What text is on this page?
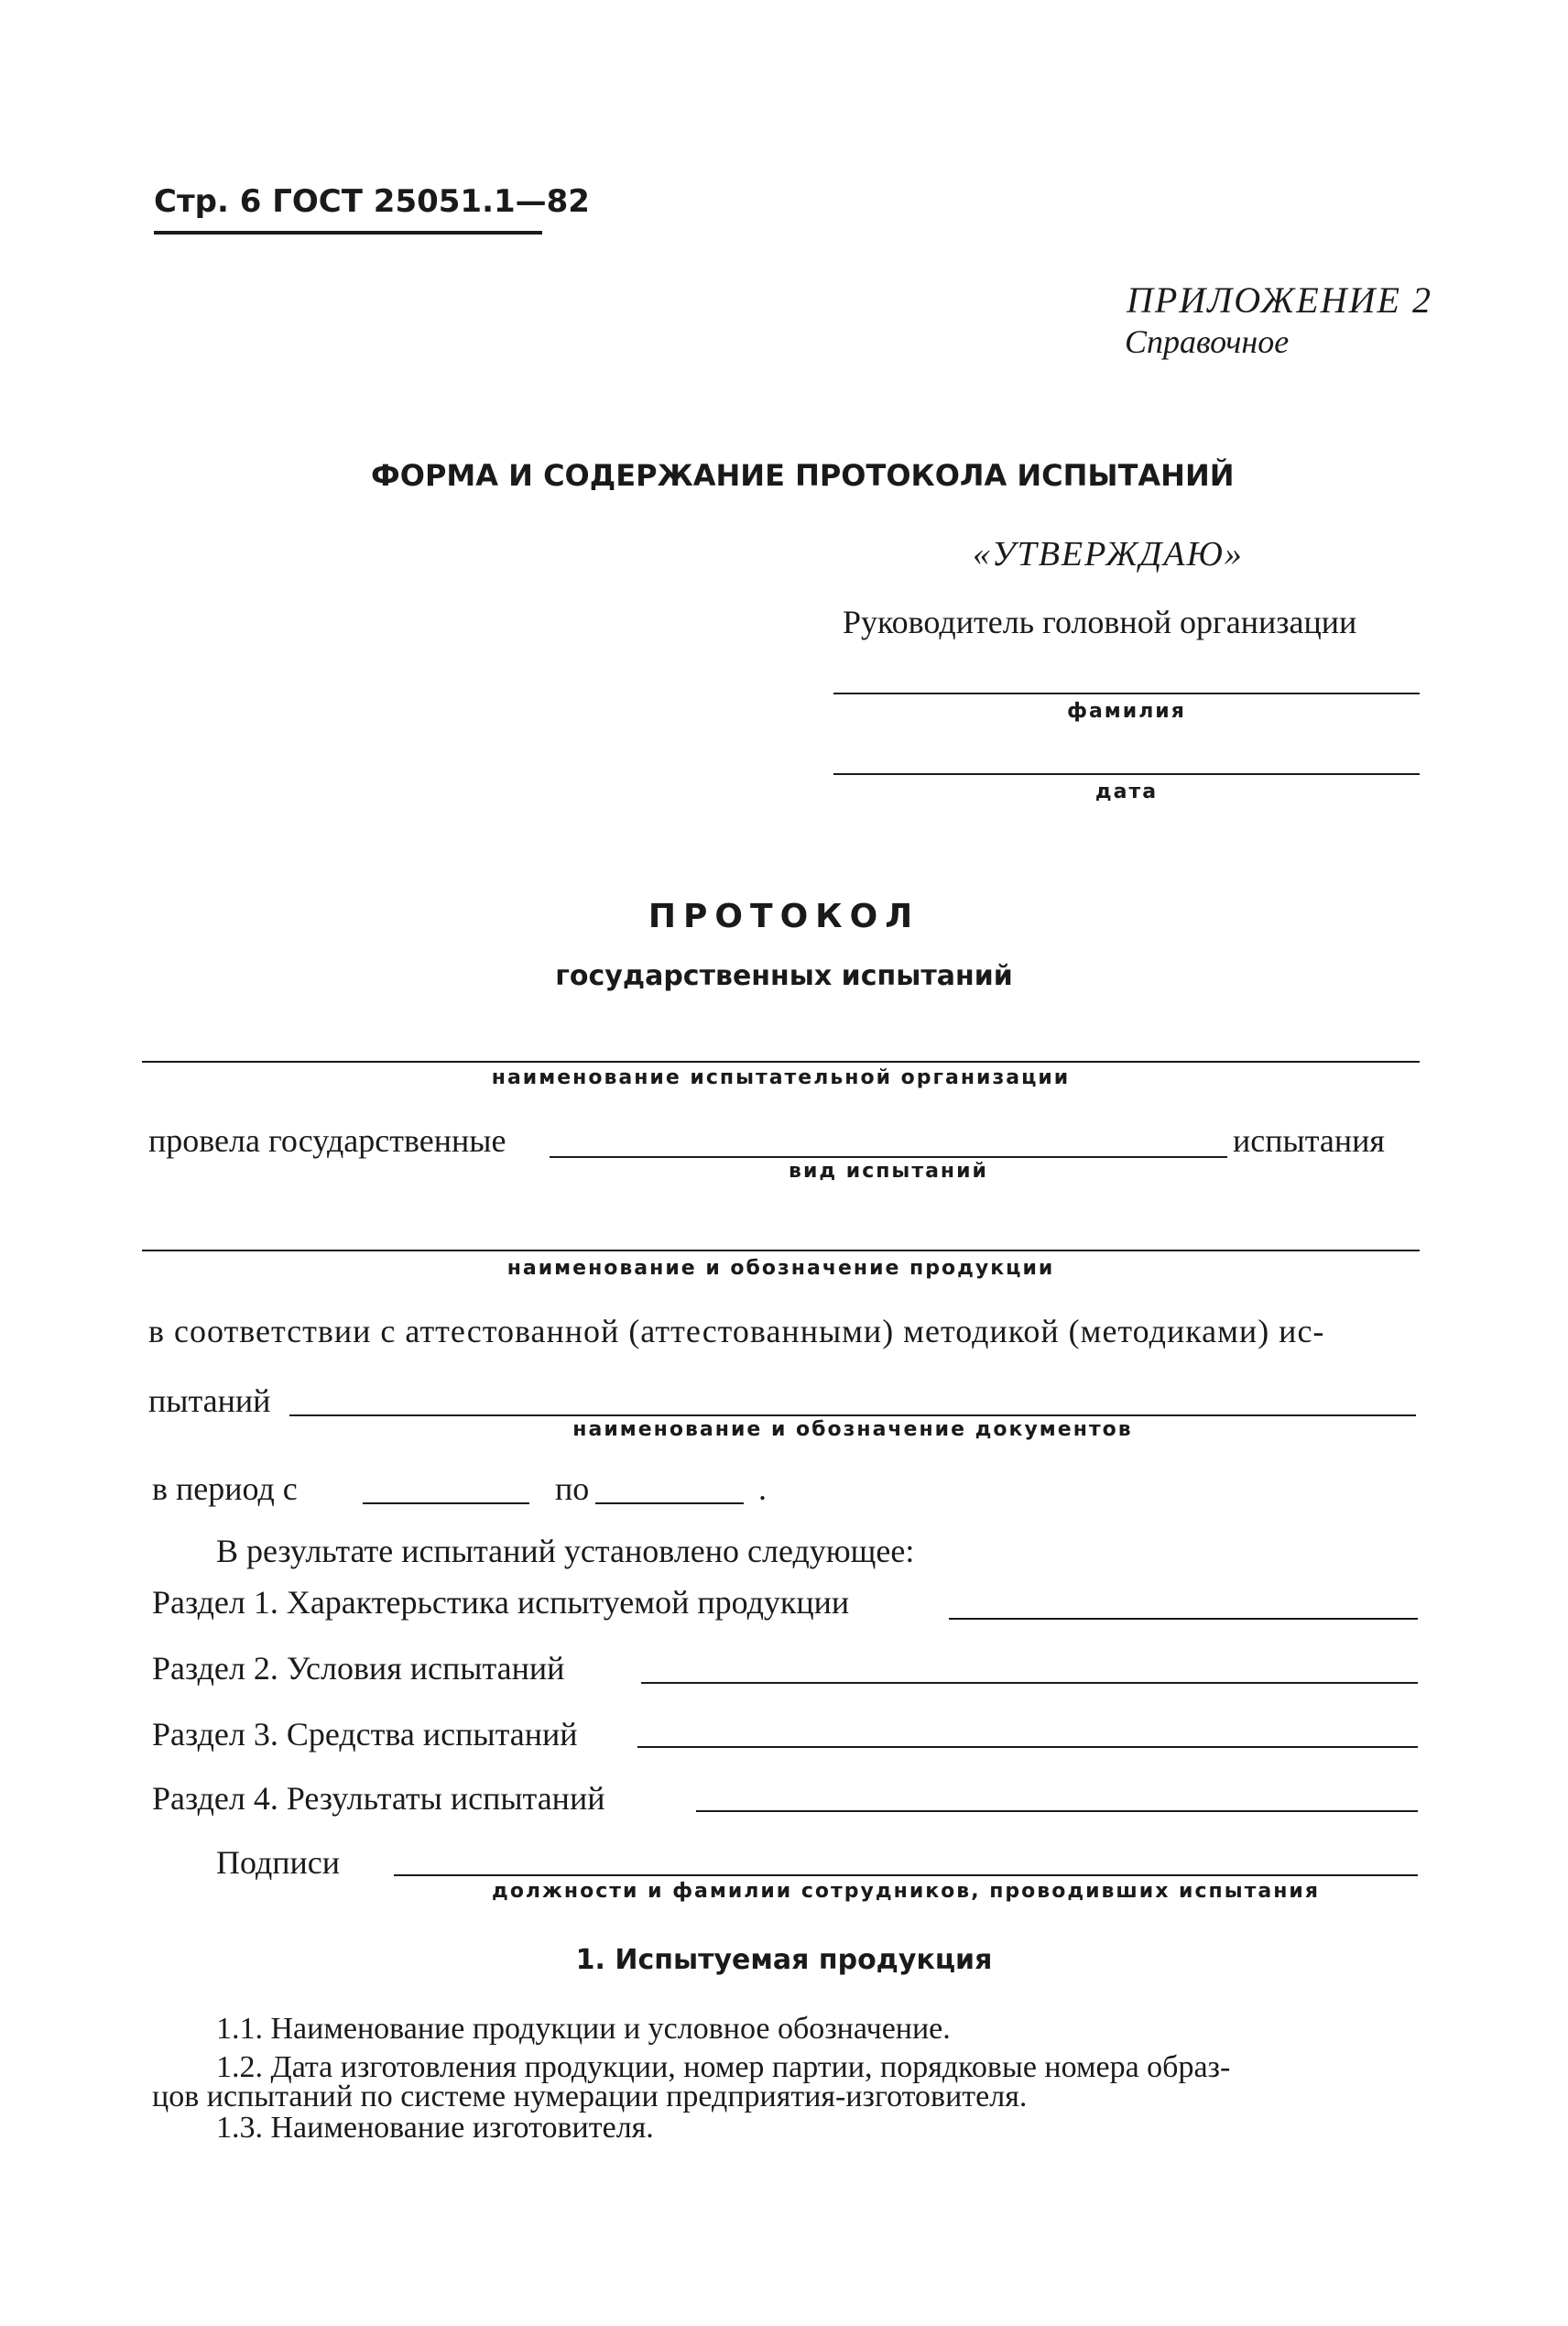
Стр. 6 ГОСТ 25051.1—82
ПРИЛОЖЕНИЕ 2
Справочное
ФОРМА И СОДЕРЖАНИЕ ПРОТОКОЛА ИСПЫТАНИЙ
«УТВЕРЖДАЮ»
Руководитель головной организации
фамилия
дата
ПРОТОКОЛ
государственных испытаний
наименование испытательной организации
провела государственные	испытания
вид испытаний
наименование и обозначение продукции
в соответствии с аттестованной (аттестованными) методикой (методиками) ис-
пытаний
наименование и обозначение документов
в период с	по	.
В результате испытаний установлено следующее:
Раздел 1. Характерьстика испытуемой продукции
Раздел 2. Условия испытаний
Раздел 3. Средства испытаний
Раздел 4. Результаты испытаний
Подписи
должности и фамилии сотрудников, проводивших испытания
1. Испытуемая продукция
1.1. Наименование продукции и условное обозначение.
1.2. Дата изготовления продукции, номер партии, порядковые номера образ-
цов испытаний по системе нумерации предприятия-изготовителя.
1.3. Наименование изготовителя.
